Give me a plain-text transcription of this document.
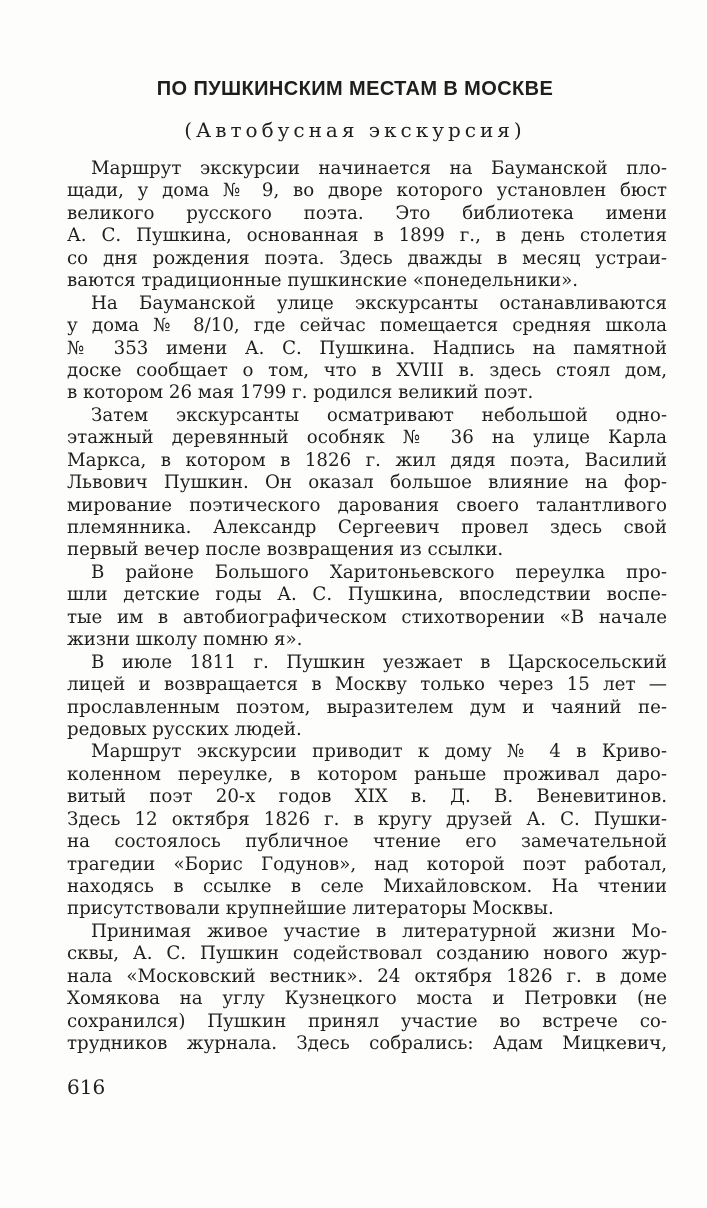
ПО ПУШКИНСКИМ МЕСТАМ В МОСКВЕ
(Автобусная экскурсия)
Маршрут экскурсии начинается на Бауманской пло-
щади, у дома № 9, во дворе которого установлен бюст
великого русского поэта. Это библиотека имени
А. С. Пушкина, основанная в 1899 г., в день столетия
со дня рождения поэта. Здесь дважды в месяц устраи-
ваются традиционные пушкинские «понедельники».
На Бауманской улице экскурсанты останавливаются
у дома № 8/10, где сейчас помещается средняя школа
№ 353 имени А. С. Пушкина. Надпись на памятной
доске сообщает о том, что в XVIII в. здесь стоял дом,
в котором 26 мая 1799 г. родился великий поэт.
Затем экскурсанты осматривают небольшой одно-
этажный деревянный особняк № 36 на улице Карла
Маркса, в котором в 1826 г. жил дядя поэта, Василий
Львович Пушкин. Он оказал большое влияние на фор-
мирование поэтического дарования своего талантливого
племянника. Александр Сергеевич провел здесь свой
первый вечер после возвращения из ссылки.
В районе Большого Харитоньевского переулка про-
шли детские годы А. С. Пушкина, впоследствии воспе-
тые им в автобиографическом стихотворении «В начале
жизни школу помню я».
В июле 1811 г. Пушкин уезжает в Царскосельский
лицей и возвращается в Москву только через 15 лет —
прославленным поэтом, выразителем дум и чаяний пе-
редовых русских людей.
Маршрут экскурсии приводит к дому № 4 в Криво-
коленном переулке, в котором раньше проживал даро-
витый поэт 20-х годов XIX в. Д. В. Веневитинов.
Здесь 12 октября 1826 г. в кругу друзей А. С. Пушки-
на состоялось публичное чтение его замечательной
трагедии «Борис Годунов», над которой поэт работал,
находясь в ссылке в селе Михайловском. На чтении
присутствовали крупнейшие литераторы Москвы.
Принимая живое участие в литературной жизни Мо-
сквы, А. С. Пушкин содействовал созданию нового жур-
нала «Московский вестник». 24 октября 1826 г. в доме
Хомякова на углу Кузнецкого моста и Петровки (не
сохранился) Пушкин принял участие во встрече со-
трудников журнала. Здесь собрались: Адам Мицкевич,
616
